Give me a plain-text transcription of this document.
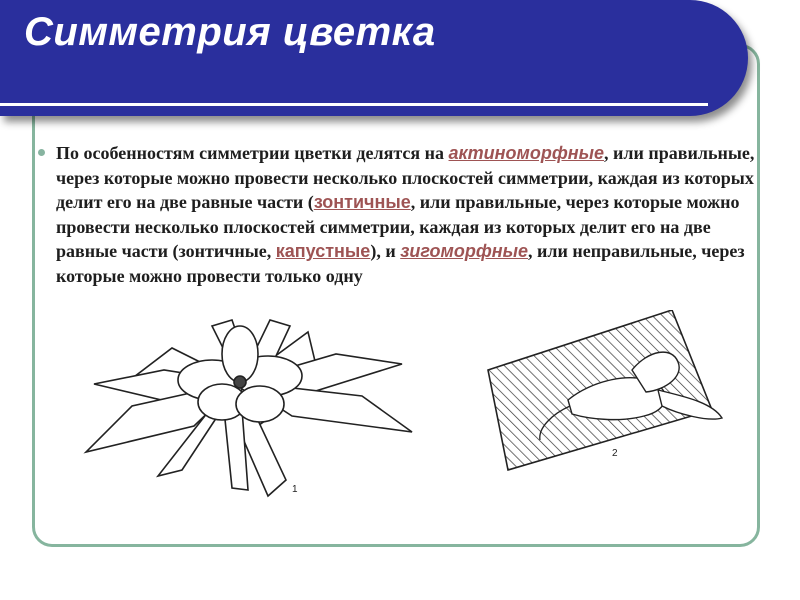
Симметрия цветка
По особенностям симметрии цветки делятся на актиноморфные, или правильные, через которые можно провести несколько плоскостей симметрии, каждая из которых делит его на две равные части (зонтичные, или правильные, через которые можно провести несколько плоскостей симметрии, каждая из которых делит его на две равные части (зонтичные, капустные), и зигоморфные, или неправильные, через которые можно провести только одну
1
2
